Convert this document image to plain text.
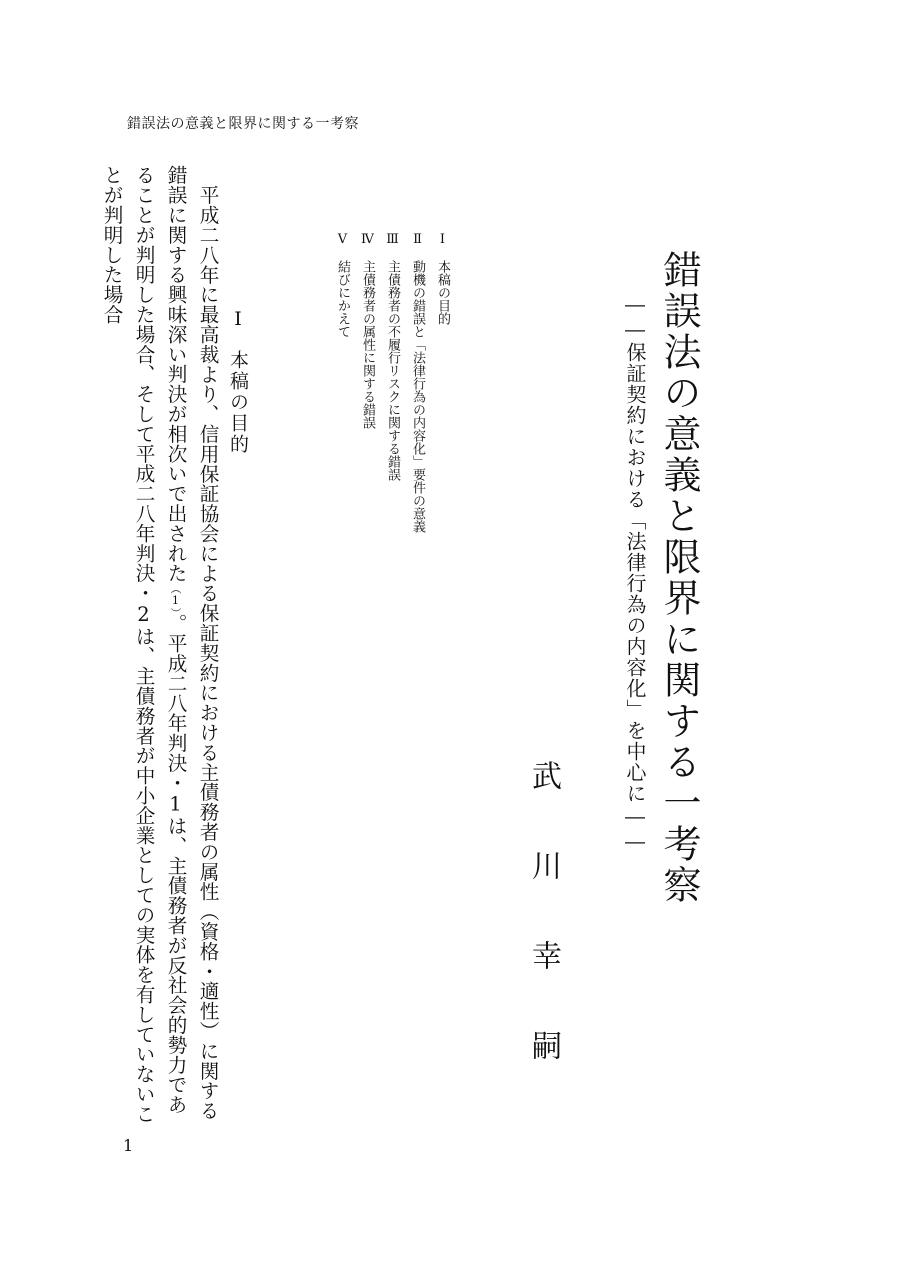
錯誤法の意義と限界に関する一考察
錯誤法の意義と限界に関する一考察
――保証契約における「法律行為の内容化」を中心に――
武川幸嗣
Ⅰ　本稿の目的
Ⅱ　動機の錯誤と「法律行為の内容化」要件の意義
Ⅲ　主債務者の不履行リスクに関する錯誤
Ⅳ　主債務者の属性に関する錯誤
Ⅴ　結びにかえて
Ⅰ本稿の目的

平成二八年に最高裁より、信用保証協会による保証契約における主債務者の属性（資格・適性）に関する錯誤に関する興味深い判決が相次いで出された（1）。平成二八年判決・1は、主債務者が反社会的勢力であることが判明した場合、そして平成二八年判決・2は、主債務者が中小企業としての実体を有していないことが判明した場合

1
